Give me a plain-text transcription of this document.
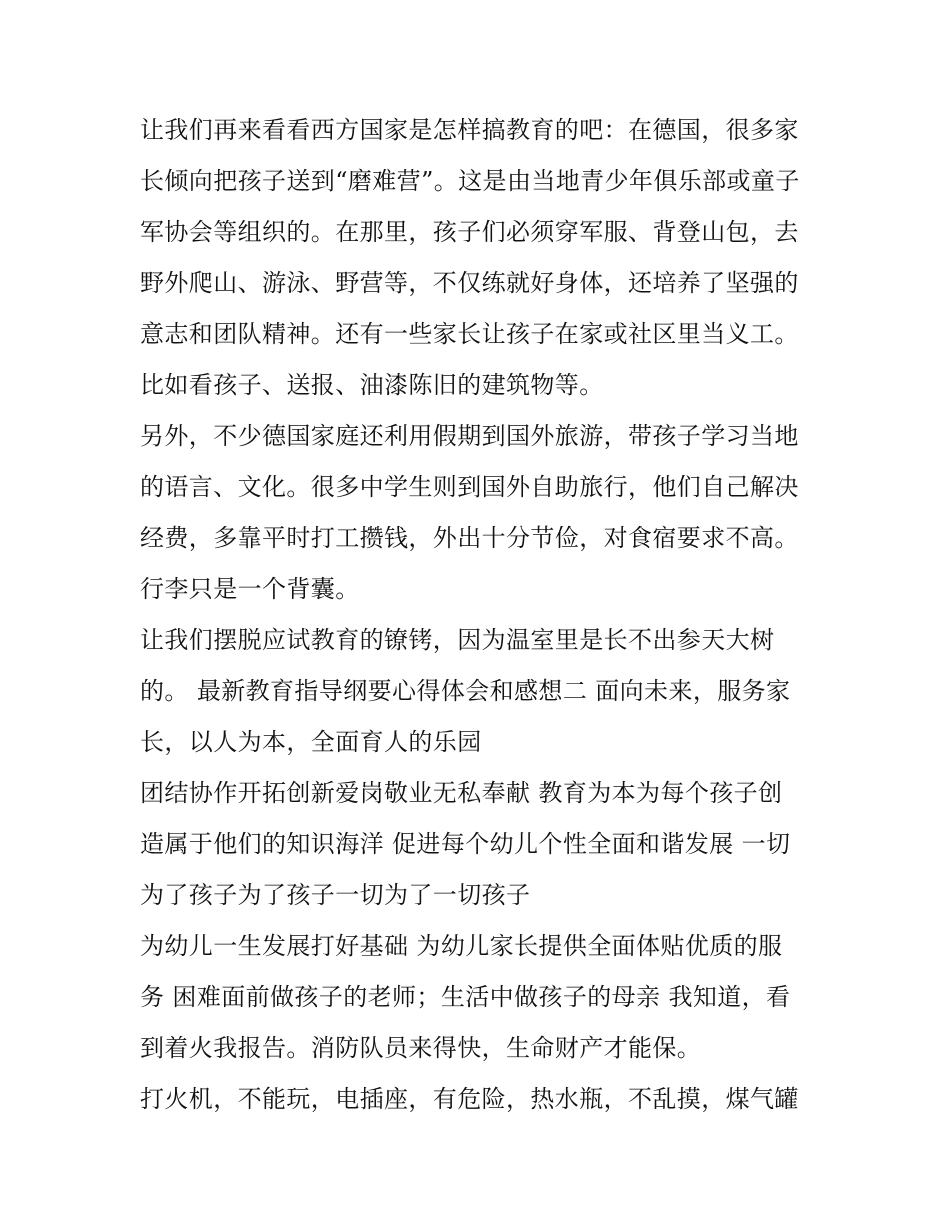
让我们再来看看西方国家是怎样搞教育的吧：在德国，很多家
长倾向把孩子送到“磨难营”。这是由当地青少年俱乐部或童子
军协会等组织的。在那里，孩子们必须穿军服、背登山包，去
野外爬山、游泳、野营等，不仅练就好身体，还培养了坚强的
意志和团队精神。还有一些家长让孩子在家或社区里当义工。
比如看孩子、送报、油漆陈旧的建筑物等。
另外，不少德国家庭还利用假期到国外旅游，带孩子学习当地
的语言、文化。很多中学生则到国外自助旅行，他们自己解决
经费，多靠平时打工攒钱，外出十分节俭，对食宿要求不高。
行李只是一个背囊。
让我们摆脱应试教育的镣铐，因为温室里是长不出参天大树
的。 最新教育指导纲要心得体会和感想二 面向未来，服务家
长，以人为本，全面育人的乐园
团结协作开拓创新爱岗敬业无私奉献 教育为本为每个孩子创
造属于他们的知识海洋 促进每个幼儿个性全面和谐发展 一切
为了孩子为了孩子一切为了一切孩子
为幼儿一生发展打好基础 为幼儿家长提供全面体贴优质的服
务 困难面前做孩子的老师；生活中做孩子的母亲 我知道，看
到着火我报告。消防队员来得快，生命财产才能保。
打火机，不能玩，电插座，有危险，热水瓶，不乱摸，煤气罐
